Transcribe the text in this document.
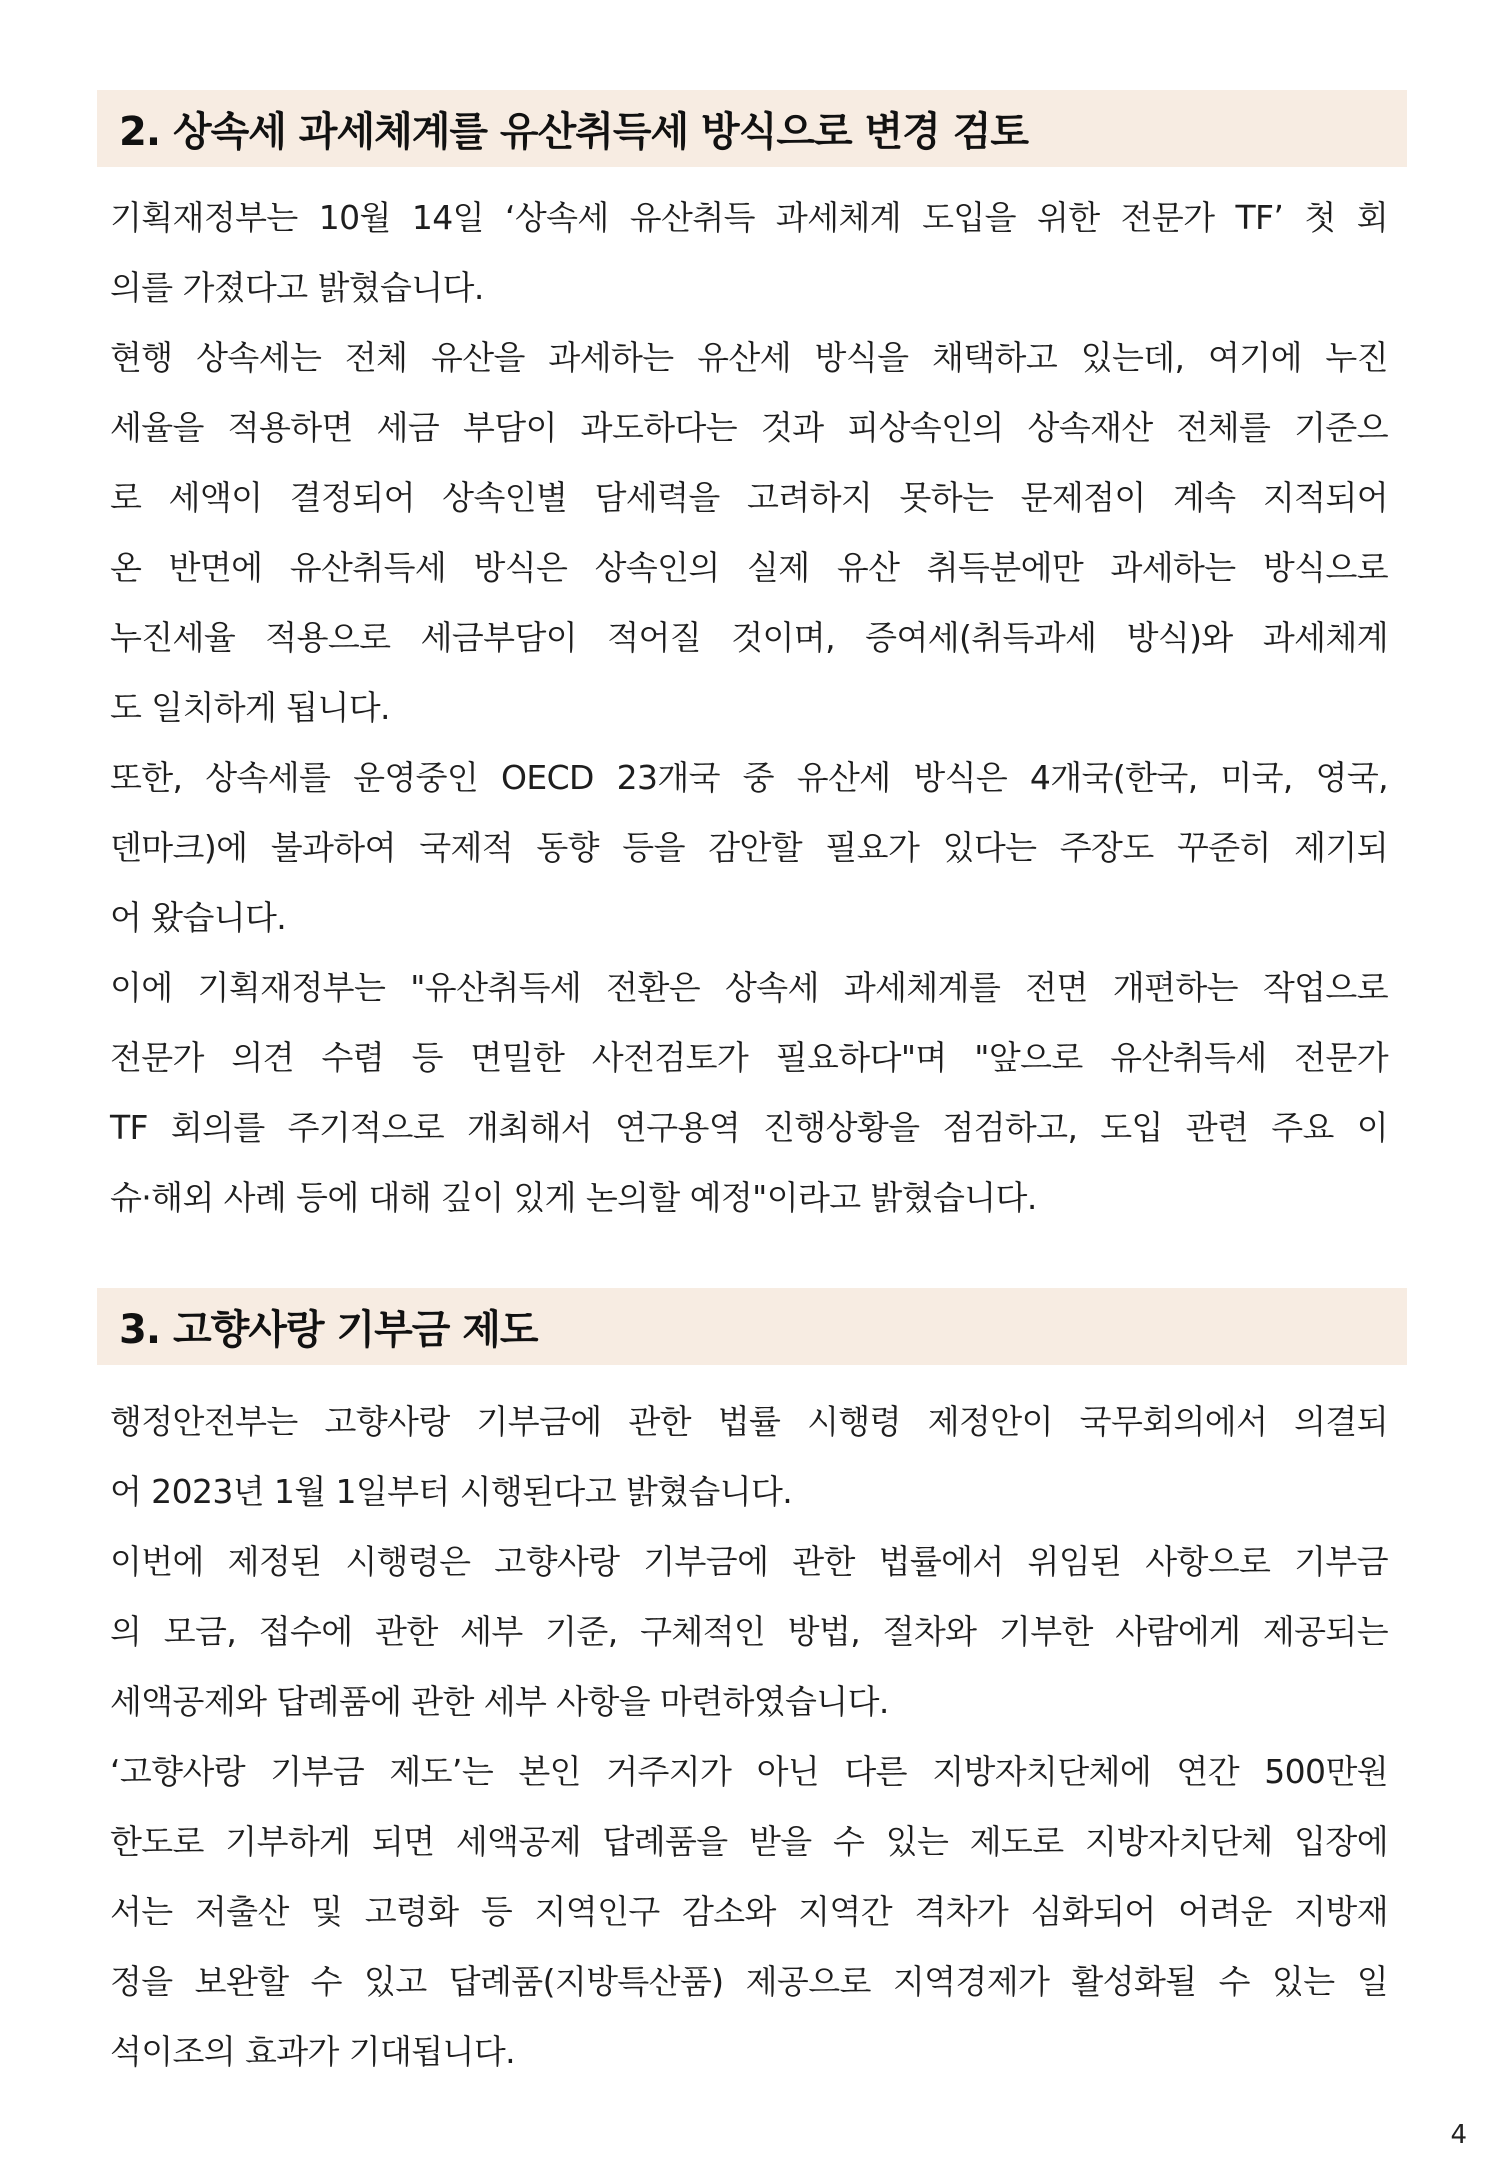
2. 상속세 과세체계를 유산취득세 방식으로 변경 검토
기획재정부는 10월 14일 ‘상속세 유산취득 과세체계 도입을 위한 전문가 TF’ 첫 회
의를 가졌다고 밝혔습니다.
현행 상속세는 전체 유산을 과세하는 유산세 방식을 채택하고 있는데, 여기에 누진
세율을 적용하면 세금 부담이 과도하다는 것과 피상속인의 상속재산 전체를 기준으
로 세액이 결정되어 상속인별 담세력을 고려하지 못하는 문제점이 계속 지적되어
온 반면에 유산취득세 방식은 상속인의 실제 유산 취득분에만 과세하는 방식으로
누진세율 적용으로 세금부담이 적어질 것이며, 증여세(취득과세 방식)와 과세체계
도 일치하게 됩니다.
또한, 상속세를 운영중인 OECD 23개국 중 유산세 방식은 4개국(한국, 미국, 영국,
덴마크)에 불과하여 국제적 동향 등을 감안할 필요가 있다는 주장도 꾸준히 제기되
어 왔습니다.
이에 기획재정부는 "유산취득세 전환은 상속세 과세체계를 전면 개편하는 작업으로
전문가 의견 수렴 등 면밀한 사전검토가 필요하다"며 "앞으로 유산취득세 전문가
TF 회의를 주기적으로 개최해서 연구용역 진행상황을 점검하고, 도입 관련 주요 이
슈·해외 사례 등에 대해 깊이 있게 논의할 예정"이라고 밝혔습니다.
3. 고향사랑 기부금 제도
행정안전부는 고향사랑 기부금에 관한 법률 시행령 제정안이 국무회의에서 의결되
어 2023년 1월 1일부터 시행된다고 밝혔습니다.
이번에 제정된 시행령은 고향사랑 기부금에 관한 법률에서 위임된 사항으로 기부금
의 모금, 접수에 관한 세부 기준, 구체적인 방법, 절차와 기부한 사람에게 제공되는
세액공제와 답례품에 관한 세부 사항을 마련하였습니다.
‘고향사랑 기부금 제도’는 본인 거주지가 아닌 다른 지방자치단체에 연간 500만원
한도로 기부하게 되면 세액공제 답례품을 받을 수 있는 제도로 지방자치단체 입장에
서는 저출산 및 고령화 등 지역인구 감소와 지역간 격차가 심화되어 어려운 지방재
정을 보완할 수 있고 답례품(지방특산품) 제공으로 지역경제가 활성화될 수 있는 일
석이조의 효과가 기대됩니다.
4
